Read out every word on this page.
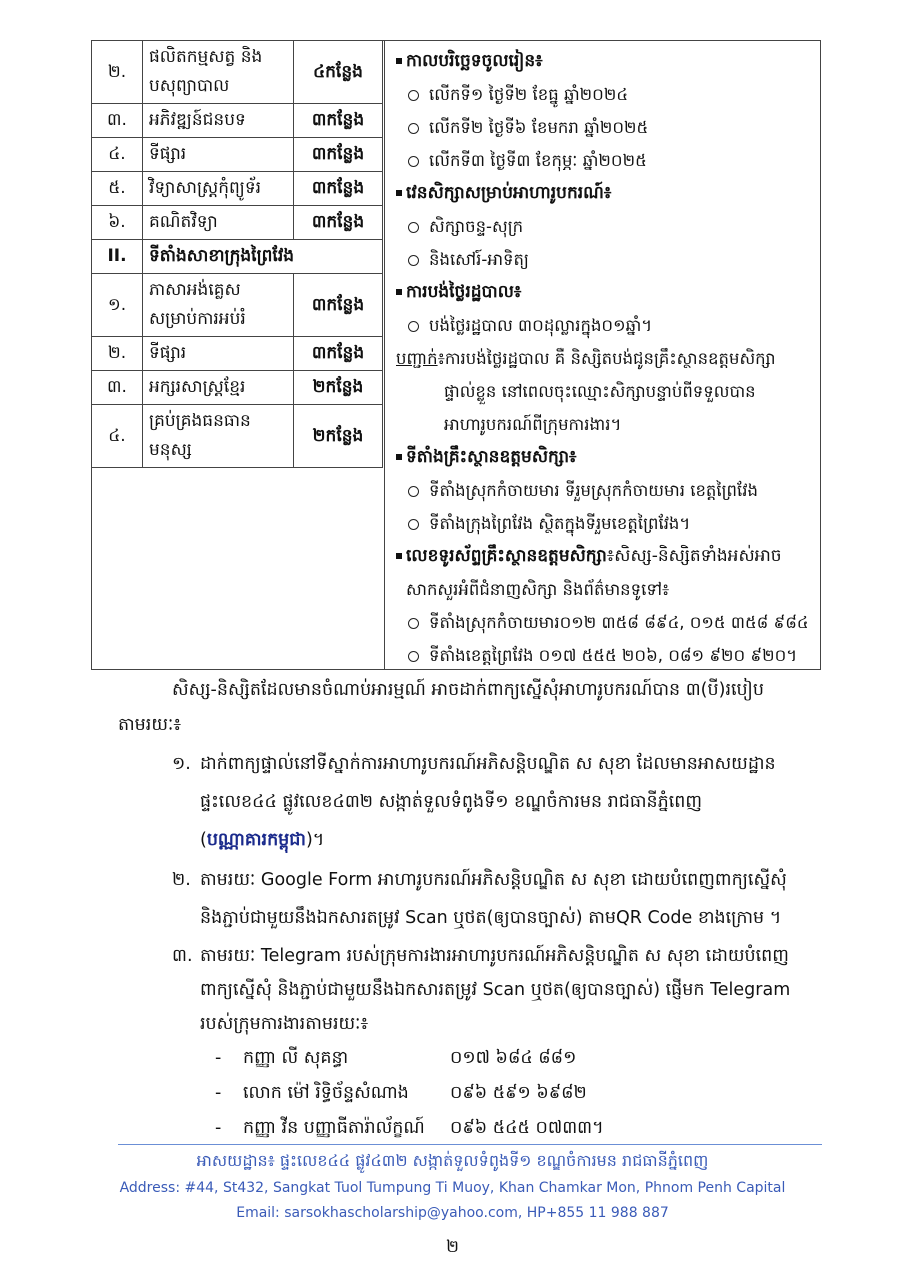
២.	ផលិតកម្មសត្វ និង
បសុព្យាបាល	៤កន្លែង
៣.	អភិវឌ្ឍន៍ជនបទ	៣កន្លែង
៤.	ទីផ្សារ	៣កន្លែង
៥.	វិទ្យាសាស្ត្រកុំព្យូទ័រ	៣កន្លែង
៦.	គណិតវិទ្យា	៣កន្លែង
II.	ទីតាំងសាខាក្រុងព្រៃវែង	
១.	ភាសាអង់គ្លេស
សម្រាប់ការអប់រំ	៣កន្លែង
២.	ទីផ្សារ	៣កន្លែង
៣.	អក្សរសាស្ត្រខ្មែរ	២កន្លែង
៤.	គ្រប់គ្រងធនធាន
មនុស្ស	២កន្លែង
កាលបរិច្ឆេទចូលរៀន៖
លើកទី១ ថ្ងៃទី២ ខែធ្នូ ឆ្នាំ២០២៤
លើកទី២ ថ្ងៃទី៦ ខែមករា ឆ្នាំ២០២៥
លើកទី៣ ថ្ងៃទី៣ ខែកុម្ភៈ ឆ្នាំ២០២៥
វេនសិក្សាសម្រាប់អាហារូបករណ៍៖
សិក្សាចន្ទ-សុក្រ
និងសៅរ៍-អាទិត្យ
ការបង់ថ្លៃរដ្ឋបាល៖
បង់ថ្លៃរដ្ឋបាល ៣០ដុល្លារក្នុង០១ឆ្នាំ។
បញ្ជាក់៖ការបង់ថ្លៃរដ្ឋបាល គឺ និស្សិតបង់ជូនគ្រឹះស្ថានឧត្តមសិក្សា
ផ្ទាល់ខ្លួន នៅពេលចុះឈ្មោះសិក្សាបន្ទាប់ពីទទួលបាន
អាហារូបករណ៍ពីក្រុមការងារ។
ទីតាំងគ្រឹះស្ថានឧត្តមសិក្សា៖
ទីតាំងស្រុកកំចាយមារ ទីរួមស្រុកកំចាយមារ ខេត្តព្រៃវែង
ទីតាំងក្រុងព្រៃវែង ស្ថិតក្នុងទីរួមខេត្តព្រៃវែង។
លេខទូរស័ព្ទគ្រឹះស្ថានឧត្តមសិក្សា៖សិស្ស-និស្សិតទាំងអស់អាច
សាកសួរអំពីជំនាញសិក្សា និងព័ត៌មានទូទៅ៖
ទីតាំងស្រុកកំចាយមារ០១២ ៣៥៨ ៨៩៤, ០១៥ ៣៥៨ ៩៨៤
ទីតាំងខេត្តព្រៃវែង ០១៧ ៥៥៥ ២០៦, ០៨១ ៩២០ ៩២០។
សិស្ស-និស្សិតដែលមានចំណាប់អារម្មណ៍ អាចដាក់ពាក្យស្នើសុំអាហារូបករណ៍បាន ៣(បី)របៀប
តាមរយៈ៖
១. ដាក់ពាក្យផ្ទាល់នៅទីស្នាក់ការអាហារូបករណ៍អភិសន្តិបណ្ឌិត ស សុខា ដែលមានអាសយដ្ឋាន
ផ្ទះលេខ៤៤ ផ្លូវលេខ៤៣២ សង្កាត់ទួលទំពូងទី១ ខណ្ឌចំការមន រាជធានីភ្នំពេញ
(បណ្ណាគារកម្ពុជា)។
២. តាមរយៈ Google Form អាហារូបករណ៍អភិសន្តិបណ្ឌិត ស សុខា ដោយបំពេញពាក្យស្នើសុំ
និងភ្ជាប់ជាមួយនឹងឯកសារតម្រូវ Scan ឬថត(ឲ្យបានច្បាស់) តាមQR Code ខាងក្រោម ។
៣. តាមរយៈ Telegram របស់ក្រុមការងារអាហារូបករណ៍អភិសន្តិបណ្ឌិត ស សុខា ដោយបំពេញ
ពាក្យស្នើសុំ និងភ្ជាប់ជាមួយនឹងឯកសារតម្រូវ Scan ឬថត(ឲ្យបានច្បាស់) ផ្ញើមក Telegram
របស់ក្រុមការងារតាមរយៈ៖
- កញ្ញា លី សុគន្ធា	០១៧ ៦៨៤ ៨៨១
- លោក ម៉ៅ រិទ្ធិច័ន្ទសំណាង ០៩៦ ៥៩១ ៦៩៨២
- កញ្ញា វីន បញ្ញាធីតារ៉ាល័ក្ខណ៍ ០៩៦ ៥៤៥ ០៧៣៣។
អាសយដ្ឋាន៖ ផ្ទះលេខ៤៤ ផ្លូវ៤៣២ សង្កាត់ទួលទំពូងទី១ ខណ្ឌចំការមន រាជធានីភ្នំពេញ
Address: #44, St432, Sangkat Tuol Tumpung Ti Muoy, Khan Chamkar Mon, Phnom Penh Capital
Email: sarsokhascholarship@yahoo.com, HP+855 11 988 887
២
